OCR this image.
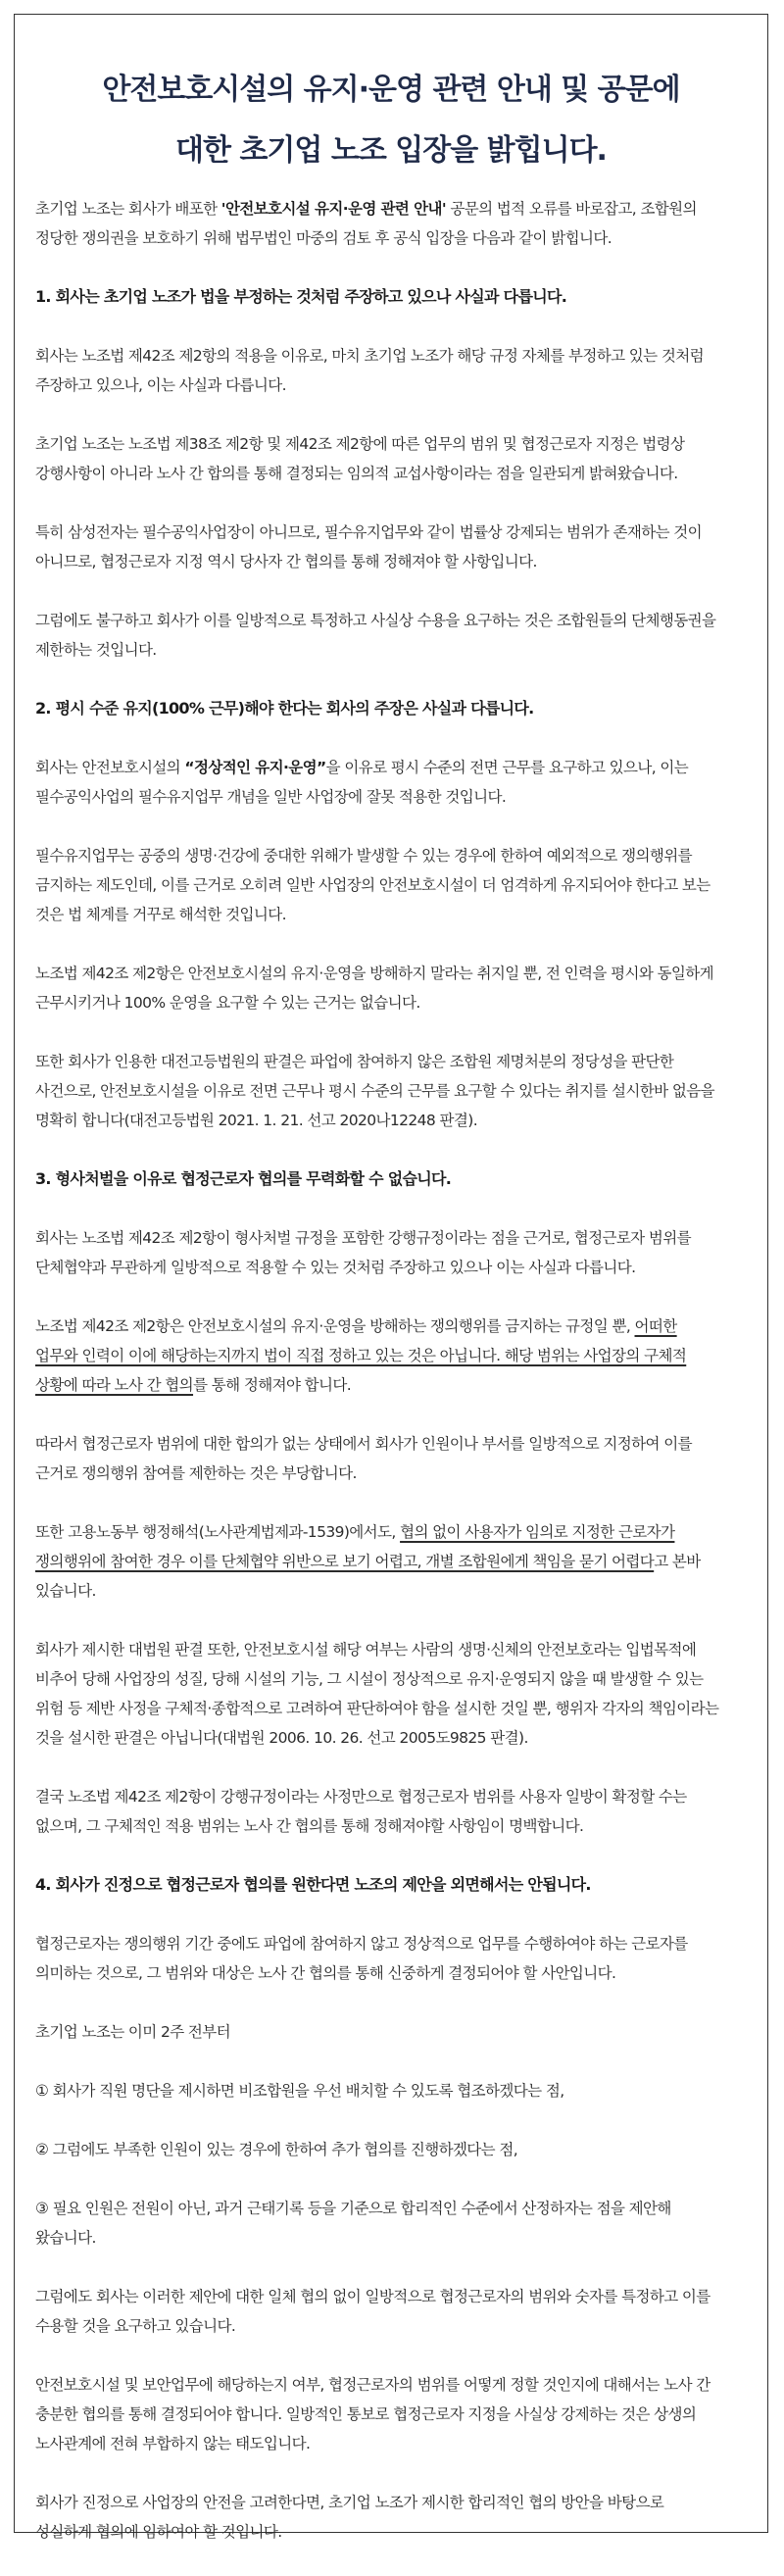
안전보호시설의 유지·운영 관련 안내 및 공문에
대한 초기업 노조 입장을 밝힙니다.

초기업 노조는 회사가 배포한 '안전보호시설 유지·운영 관련 안내' 공문의 법적 오류를 바로잡고, 조합원의 정당한 쟁의권을 보호하기 위해 법무법인 마중의 검토 후 공식 입장을 다음과 같이 밝힙니다.

1. 회사는 초기업 노조가 법을 부정하는 것처럼 주장하고 있으나 사실과 다릅니다.

회사는 노조법 제42조 제2항의 적용을 이유로, 마치 초기업 노조가 해당 규정 자체를 부정하고 있는 것처럼 주장하고 있으나, 이는 사실과 다릅니다.

초기업 노조는 노조법 제38조 제2항 및 제42조 제2항에 따른 업무의 범위 및 협정근로자 지정은 법령상 강행사항이 아니라 노사 간 합의를 통해 결정되는 임의적 교섭사항이라는 점을 일관되게 밝혀왔습니다.

특히 삼성전자는 필수공익사업장이 아니므로, 필수유지업무와 같이 법률상 강제되는 범위가 존재하는 것이 아니므로, 협정근로자 지정 역시 당사자 간 협의를 통해 정해져야 할 사항입니다.

그럼에도 불구하고 회사가 이를 일방적으로 특정하고 사실상 수용을 요구하는 것은 조합원들의 단체행동권을 제한하는 것입니다.

2. 평시 수준 유지(100% 근무)해야 한다는 회사의 주장은 사실과 다릅니다.

회사는 안전보호시설의 “정상적인 유지·운영”을 이유로 평시 수준의 전면 근무를 요구하고 있으나, 이는 필수공익사업의 필수유지업무 개념을 일반 사업장에 잘못 적용한 것입니다.

필수유지업무는 공중의 생명·건강에 중대한 위해가 발생할 수 있는 경우에 한하여 예외적으로 쟁의행위를 금지하는 제도인데, 이를 근거로 오히려 일반 사업장의 안전보호시설이 더 엄격하게 유지되어야 한다고 보는 것은 법 체계를 거꾸로 해석한 것입니다.

노조법 제42조 제2항은 안전보호시설의 유지·운영을 방해하지 말라는 취지일 뿐, 전 인력을 평시와 동일하게 근무시키거나 100% 운영을 요구할 수 있는 근거는 없습니다.

또한 회사가 인용한 대전고등법원의 판결은 파업에 참여하지 않은 조합원 제명처분의 정당성을 판단한 사건으로, 안전보호시설을 이유로 전면 근무나 평시 수준의 근무를 요구할 수 있다는 취지를 설시한바 없음을 명확히 합니다(대전고등법원 2021. 1. 21. 선고 2020나12248 판결).

3. 형사처벌을 이유로 협정근로자 협의를 무력화할 수 없습니다.

회사는 노조법 제42조 제2항이 형사처벌 규정을 포함한 강행규정이라는 점을 근거로, 협정근로자 범위를 단체협약과 무관하게 일방적으로 적용할 수 있는 것처럼 주장하고 있으나 이는 사실과 다릅니다.

노조법 제42조 제2항은 안전보호시설의 유지·운영을 방해하는 쟁의행위를 금지하는 규정일 뿐, 어떠한 업무와 인력이 이에 해당하는지까지 법이 직접 정하고 있는 것은 아닙니다. 해당 범위는 사업장의 구체적 상황에 따라 노사 간 협의를 통해 정해져야 합니다.

따라서 협정근로자 범위에 대한 합의가 없는 상태에서 회사가 인원이나 부서를 일방적으로 지정하여 이를 근거로 쟁의행위 참여를 제한하는 것은 부당합니다.

또한 고용노동부 행정해석(노사관계법제과-1539)에서도, 협의 없이 사용자가 임의로 지정한 근로자가 쟁의행위에 참여한 경우 이를 단체협약 위반으로 보기 어렵고, 개별 조합원에게 책임을 묻기 어렵다고 본바 있습니다.

회사가 제시한 대법원 판결 또한, 안전보호시설 해당 여부는 사람의 생명·신체의 안전보호라는 입법목적에 비추어 당해 사업장의 성질, 당해 시설의 기능, 그 시설이 정상적으로 유지·운영되지 않을 때 발생할 수 있는 위험 등 제반 사정을 구체적·종합적으로 고려하여 판단하여야 함을 설시한 것일 뿐, 행위자 각자의 책임이라는 것을 설시한 판결은 아닙니다(대법원 2006. 10. 26. 선고 2005도9825 판결).

결국 노조법 제42조 제2항이 강행규정이라는 사정만으로 협정근로자 범위를 사용자 일방이 확정할 수는 없으며, 그 구체적인 적용 범위는 노사 간 협의를 통해 정해져야할 사항임이 명백합니다.

4. 회사가 진정으로 협정근로자 협의를 원한다면 노조의 제안을 외면해서는 안됩니다.

협정근로자는 쟁의행위 기간 중에도 파업에 참여하지 않고 정상적으로 업무를 수행하여야 하는 근로자를 의미하는 것으로, 그 범위와 대상은 노사 간 협의를 통해 신중하게 결정되어야 할 사안입니다.

초기업 노조는 이미 2주 전부터

① 회사가 직원 명단을 제시하면 비조합원을 우선 배치할 수 있도록 협조하겠다는 점,

② 그럼에도 부족한 인원이 있는 경우에 한하여 추가 협의를 진행하겠다는 점,

③ 필요 인원은 전원이 아닌, 과거 근태기록 등을 기준으로 합리적인 수준에서 산정하자는 점을 제안해 왔습니다.

그럼에도 회사는 이러한 제안에 대한 일체 협의 없이 일방적으로 협정근로자의 범위와 숫자를 특정하고 이를 수용할 것을 요구하고 있습니다.

안전보호시설 및 보안업무에 해당하는지 여부, 협정근로자의 범위를 어떻게 정할 것인지에 대해서는 노사 간 충분한 협의를 통해 결정되어야 합니다. 일방적인 통보로 협정근로자 지정을 사실상 강제하는 것은 상생의 노사관계에 전혀 부합하지 않는 태도입니다.

회사가 진정으로 사업장의 안전을 고려한다면, 초기업 노조가 제시한 합리적인 협의 방안을 바탕으로 성실하게 협의에 임하여야 할 것입니다.
